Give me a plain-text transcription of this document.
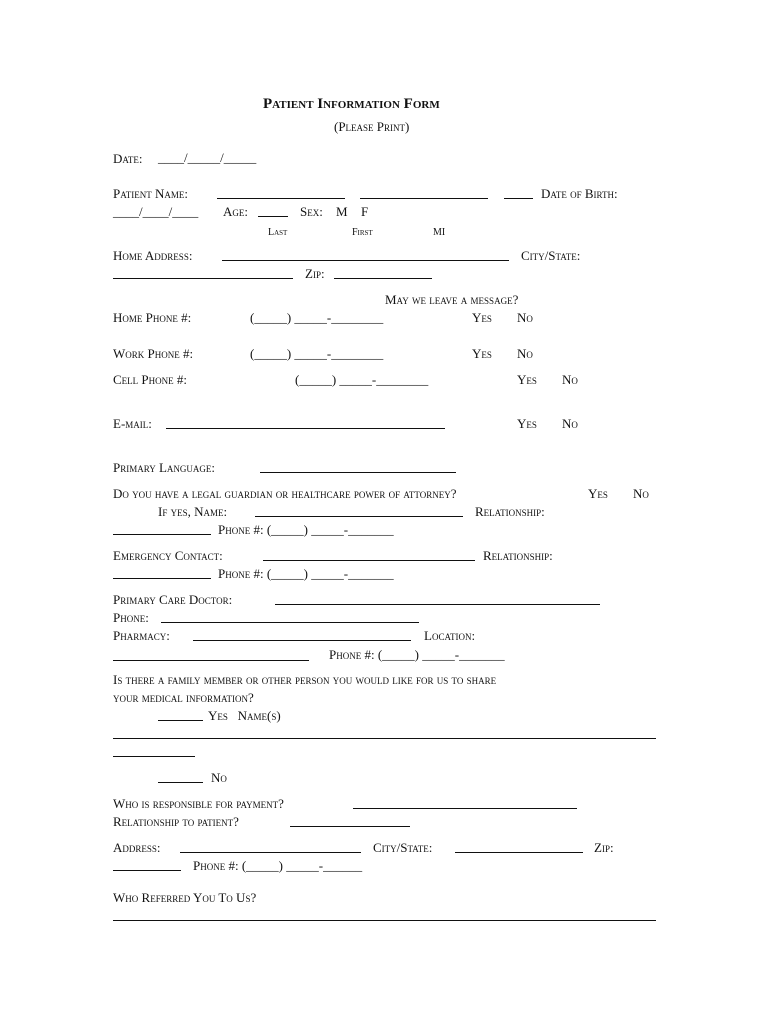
Patient Information Form
(Please Print)
Date: ____/_____/_____
Patient Name:	Date of Birth:
____/____/____ Age:	Sex: M F
Last	First	MI
Home Address:	City/State:
Zip:
May we leave a message?
Home Phone #:	(_____) _____-________	Yes No
Work Phone #:	(_____) _____-________	Yes No
Cell Phone #:	(_____) _____-________	Yes No
E-mail:	Yes No
Primary Language:
Do you have a legal guardian or healthcare power of attorney?	Yes No
If yes, Name:	Relationship:
Phone #: (_____) _____-_______
Emergency Contact:	Relationship:
Phone #: (_____) _____-_______
Primary Care Doctor:
Phone:
Pharmacy:	Location:
Phone #: (_____) _____-_______
Is there a family member or other person you would like for us to share
your medical information?
Yes   Name(s)
No
Who is responsible for payment?
Relationship to patient?
Address:	City/State:	Zip:
Phone #: (_____) _____-______
Who Referred You To Us?
